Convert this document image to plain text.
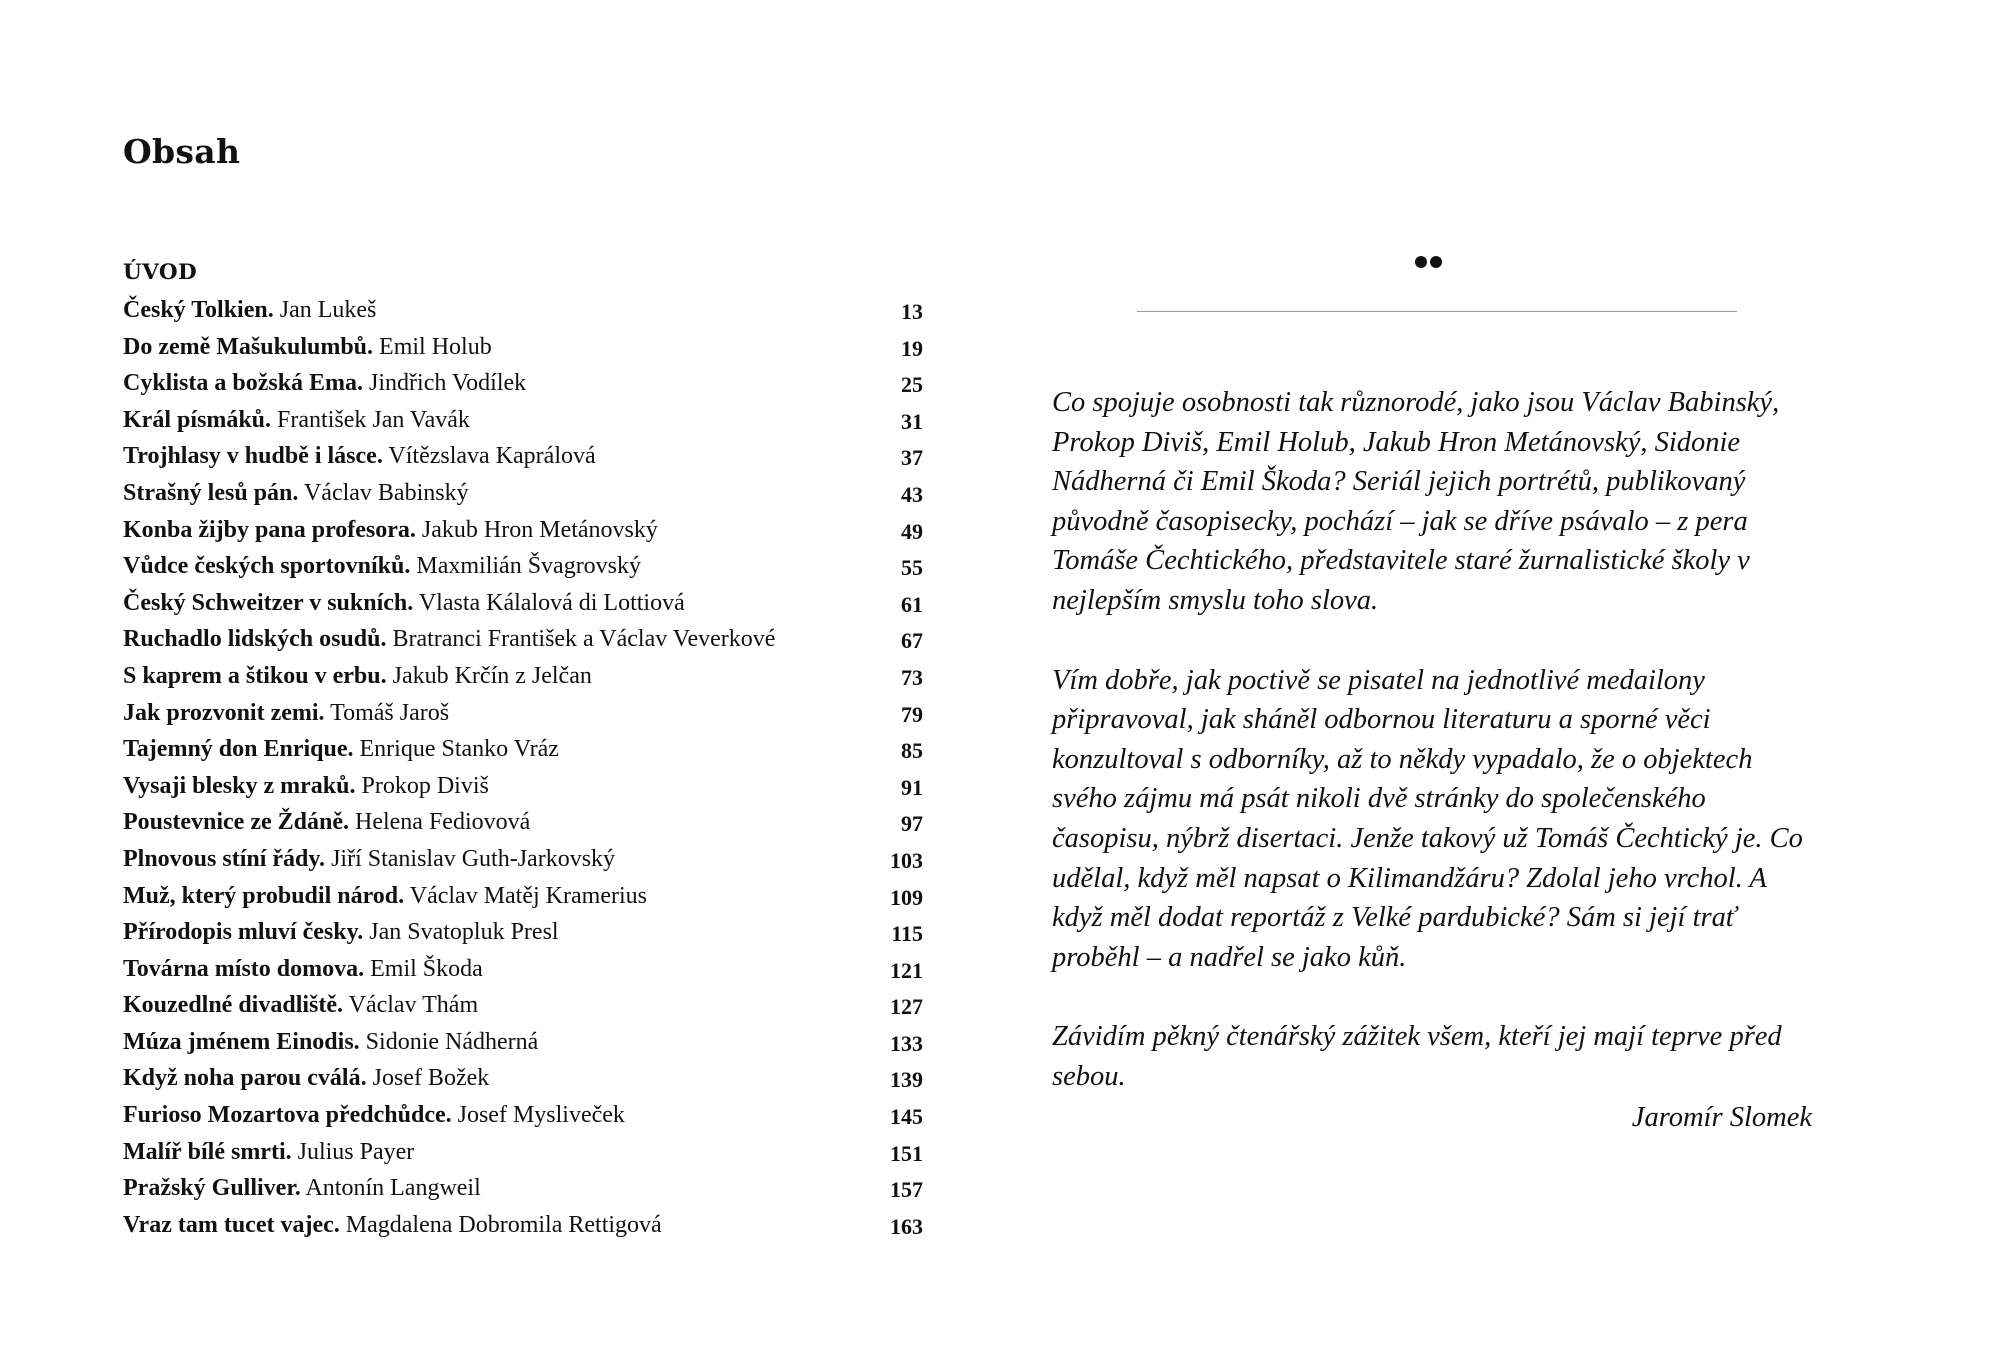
Obsah
ÚVOD
Český Tolkien. Jan Lukeš	13
Do země Mašukulumbů. Emil Holub	19
Cyklista a božská Ema. Jindřich Vodílek	25
Král písmáků. František Jan Vavák	31
Trojhlasy v hudbě i lásce. Vítězslava Kaprálová	37
Strašný lesů pán. Václav Babinský	43
Konba žijby pana profesora. Jakub Hron Metánovský	49
Vůdce českých sportovníků. Maxmilián Švagrovský	55
Český Schweitzer v sukních. Vlasta Kálalová di Lottiová	61
Ruchadlo lidských osudů. Bratranci František a Václav Veverkové	67
S kaprem a štikou v erbu. Jakub Krčín z Jelčan	73
Jak prozvonit zemi. Tomáš Jaroš	79
Tajemný don Enrique. Enrique Stanko Vráz	85
Vysaji blesky z mraků. Prokop Diviš	91
Poustevnice ze Ždáně. Helena Fediovová	97
Plnovous stíní řády. Jiří Stanislav Guth-Jarkovský	103
Muž, který probudil národ. Václav Matěj Kramerius	109
Přírodopis mluví česky. Jan Svatopluk Presl	115
Továrna místo domova. Emil Škoda	121
Kouzedlné divadliště. Václav Thám	127
Múza jménem Einodis. Sidonie Nádherná	133
Když noha parou cválá. Josef Božek	139
Furioso Mozartova předchůdce. Josef Mysliveček	145
Malíř bílé smrti. Julius Payer	151
Pražský Gulliver. Antonín Langweil	157
Vraz tam tucet vajec. Magdalena Dobromila Rettigová	163

Co spojuje osobnosti tak různorodé, jako jsou Václav Babinský, Prokop Diviš, Emil Holub, Jakub Hron Metánovský, Sidonie Nádherná či Emil Škoda? Seriál jejich portrétů, publikovaný původně časopisecky, pochází – jak se dříve psávalo – z pera Tomáše Čechtického, představitele staré žurnalistické školy v nejlepším smyslu toho slova.

Vím dobře, jak poctivě se pisatel na jednotlivé medailony připravoval, jak sháněl odbornou literaturu a sporné věci konzultoval s odborníky, až to někdy vypadalo, že o objektech svého zájmu má psát nikoli dvě stránky do společenského časopisu, nýbrž disertaci. Jenže takový už Tomáš Čechtický je. Co udělal, když měl napsat o Kilimandžáru? Zdolal jeho vrchol. A když měl dodat reportáž z Velké pardubické? Sám si její trať proběhl – a nadřel se jako kůň.

Závidím pěkný čtenářský zážitek všem, kteří jej mají teprve před sebou.

Jaromír Slomek
